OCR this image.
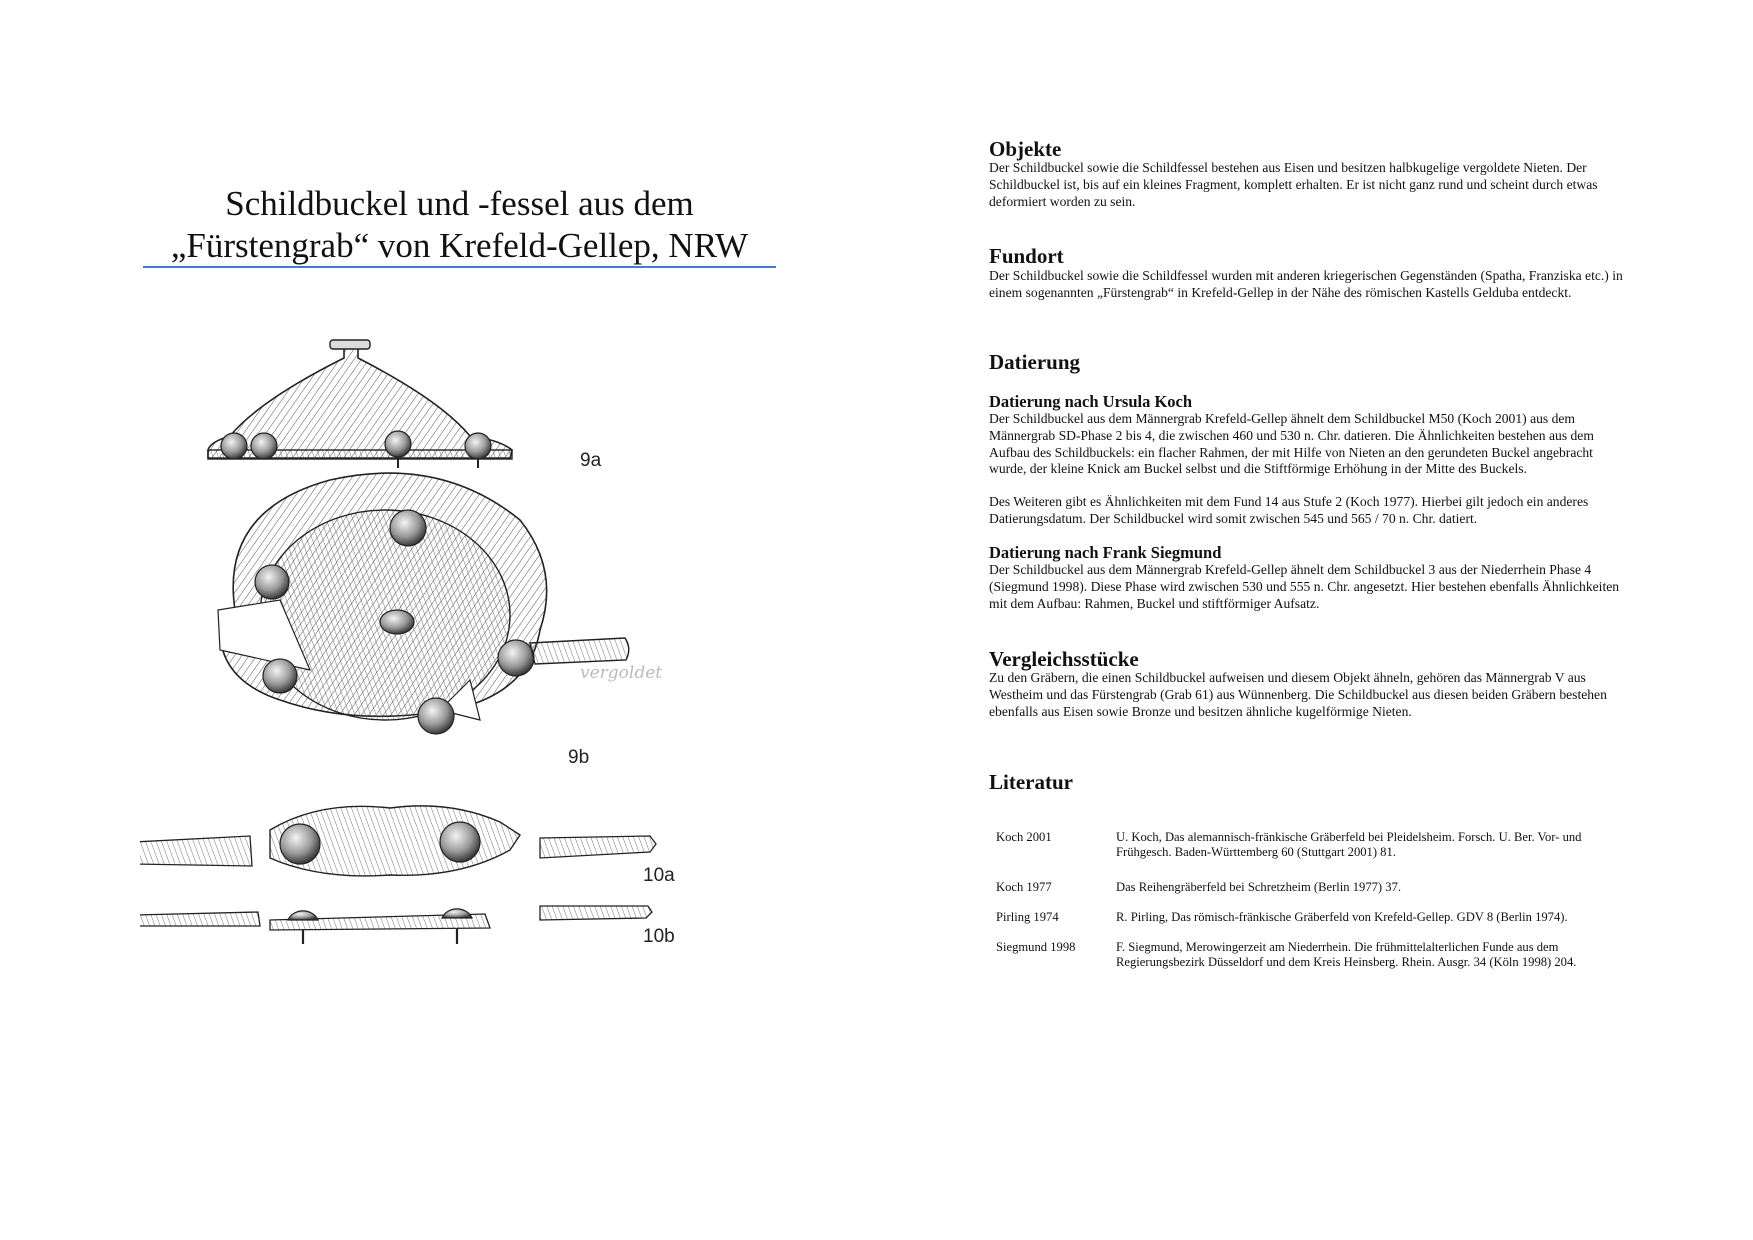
Schildbuckel und -fessel aus dem
„Fürstengrab“ von Krefeld-Gellep, NRW
9a
vergoldet
9b
10a
10b
Objekte

Der Schildbuckel sowie die Schildfessel bestehen aus Eisen und besitzen halbkugelige vergoldete Nieten. Der Schildbuckel ist, bis auf ein kleines Fragment, komplett erhalten. Er ist nicht ganz rund und scheint durch etwas deformiert worden zu sein.

Fundort

Der Schildbuckel sowie die Schildfessel wurden mit anderen kriegerischen Gegenständen (Spatha, Franziska etc.) in einem sogenannten „Fürstengrab“ in Krefeld-Gellep in der Nähe des römischen Kastells Gelduba entdeckt.

Datierung
Datierung nach Ursula Koch

Der Schildbuckel aus dem Männergrab Krefeld-Gellep ähnelt dem Schildbuckel M50 (Koch 2001) aus dem Männergrab SD-Phase 2 bis 4, die zwischen 460 und 530 n. Chr. datieren. Die Ähnlichkeiten bestehen aus dem Aufbau des Schildbuckels: ein flacher Rahmen, der mit Hilfe von Nieten an den gerundeten Buckel angebracht wurde, der kleine Knick am Buckel selbst und die Stiftförmige Erhöhung in der Mitte des Buckels.

Des Weiteren gibt es Ähnlichkeiten mit dem Fund 14 aus Stufe 2 (Koch 1977). Hierbei gilt jedoch ein anderes Datierungsdatum. Der Schildbuckel wird somit zwischen 545 und 565 / 70 n. Chr. datiert.

Datierung nach Frank Siegmund

Der Schildbuckel aus dem Männergrab Krefeld-Gellep ähnelt dem Schildbuckel 3 aus der Niederrhein Phase 4 (Siegmund 1998). Diese Phase wird zwischen 530 und 555 n. Chr. angesetzt. Hier bestehen ebenfalls Ähnlichkeiten mit dem Aufbau: Rahmen, Buckel und stiftförmiger Aufsatz.

Vergleichsstücke

Zu den Gräbern, die einen Schildbuckel aufweisen und diesem Objekt ähneln, gehören das Männergrab V aus Westheim und das Fürstengrab (Grab 61) aus Wünnenberg. Die Schildbuckel aus diesen beiden Gräbern bestehen ebenfalls aus Eisen sowie Bronze und besitzen ähnliche kugelförmige Nieten.

Literatur
Koch 2001	U. Koch, Das alemannisch-fränkische Gräberfeld bei Pleidelsheim. Forsch. U. Ber. Vor- und Frühgesch. Baden-Württemberg 60 (Stuttgart 2001) 81.
Koch 1977	Das Reihengräberfeld bei Schretzheim (Berlin 1977) 37.
Pirling 1974	R. Pirling, Das römisch-fränkische Gräberfeld von Krefeld-Gellep. GDV 8 (Berlin 1974).
Siegmund 1998	F. Siegmund, Merowingerzeit am Niederrhein. Die frühmittelalterlichen Funde aus dem Regierungsbezirk Düsseldorf und dem Kreis Heinsberg. Rhein. Ausgr. 34 (Köln 1998) 204.
